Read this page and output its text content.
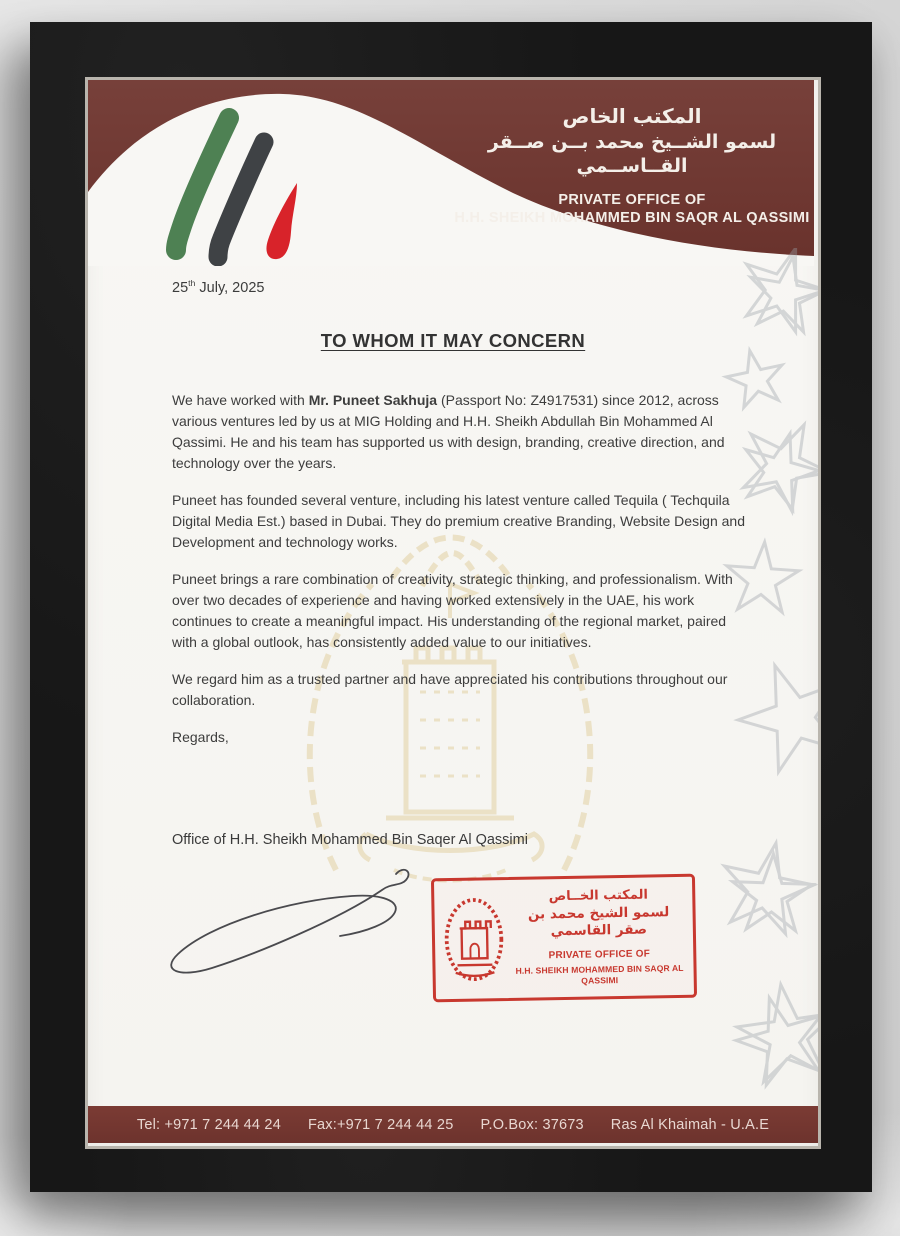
المكتب الخاص
لسمو الشــيخ محمد بــن صــقر القــاســمي
PRIVATE OFFICE OF
H.H. SHEIKH MOHAMMED BIN SAQR AL QASSIMI
25th July, 2025
TO WHOM IT MAY CONCERN

We have worked with Mr. Puneet Sakhuja (Passport No: Z4917531) since 2012, across various ventures led by us at MIG Holding and H.H. Sheikh Abdullah Bin Mohammed Al Qassimi. He and his team has supported us with design, branding, creative direction, and technology over the years.

Puneet has founded several venture, including his latest venture called Tequila ( Techquila Digital Media Est.) based in Dubai. They do premium creative Branding, Website Design and Development and technology works.

Puneet brings a rare combination of creativity, strategic thinking, and professionalism. With over two decades of experience and having worked extensively in the UAE, his work continues to create a meaningful impact. His understanding of the regional market, paired with a global outlook, has consistently added value to our initiatives.

We regard him as a trusted partner and have appreciated his contributions throughout our collaboration.

Regards,

Office of H.H. Sheikh Mohammed Bin Saqer Al Qassimi
المكتب الخــاص
لسمو الشيخ محمد بن صقر القاسمي
PRIVATE OFFICE OF
H.H. SHEIKH MOHAMMED BIN SAQR AL QASSIMI
Tel: +971 7 244 44 24 Fax:+971 7 244 44 25 P.O.Box: 37673 Ras Al Khaimah - U.A.E
